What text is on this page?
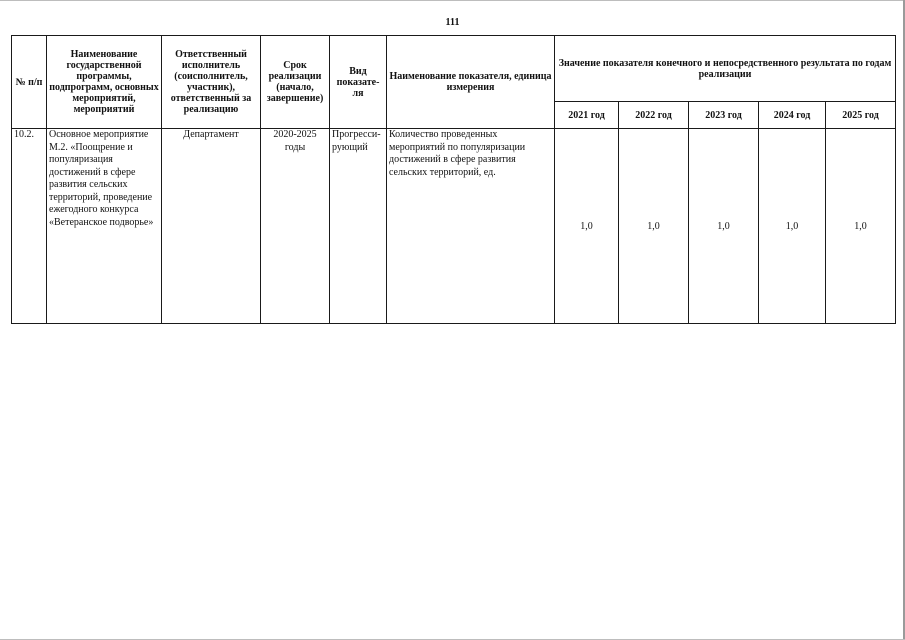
111
№ п/п	Наименование государственной программы, подпрограмм, основных мероприятий, мероприятий	Ответственный исполнитель (соисполнитель, участник), ответственный за реализацию	Срок реализации (начало, завершение)	Вид показате-ля	Наименование показателя, единица измерения	Значение показателя конечного и непосредственного результата по годам реализации				
						2021 год	2022 год	2023 год	2024 год	2025 год
10.2.	Основное мероприятие М.2. «Поощрение и популяризация достижений в сфере развития сельских территорий, проведение ежегодного конкурса «Ветеранское подворье»	Департамент	2020-2025 годы	Прогресси-рующий	Количество проведенных мероприятий по популяризации достижений в сфере развития сельских территорий, ед.	1,0	1,0	1,0	1,0	1,0
